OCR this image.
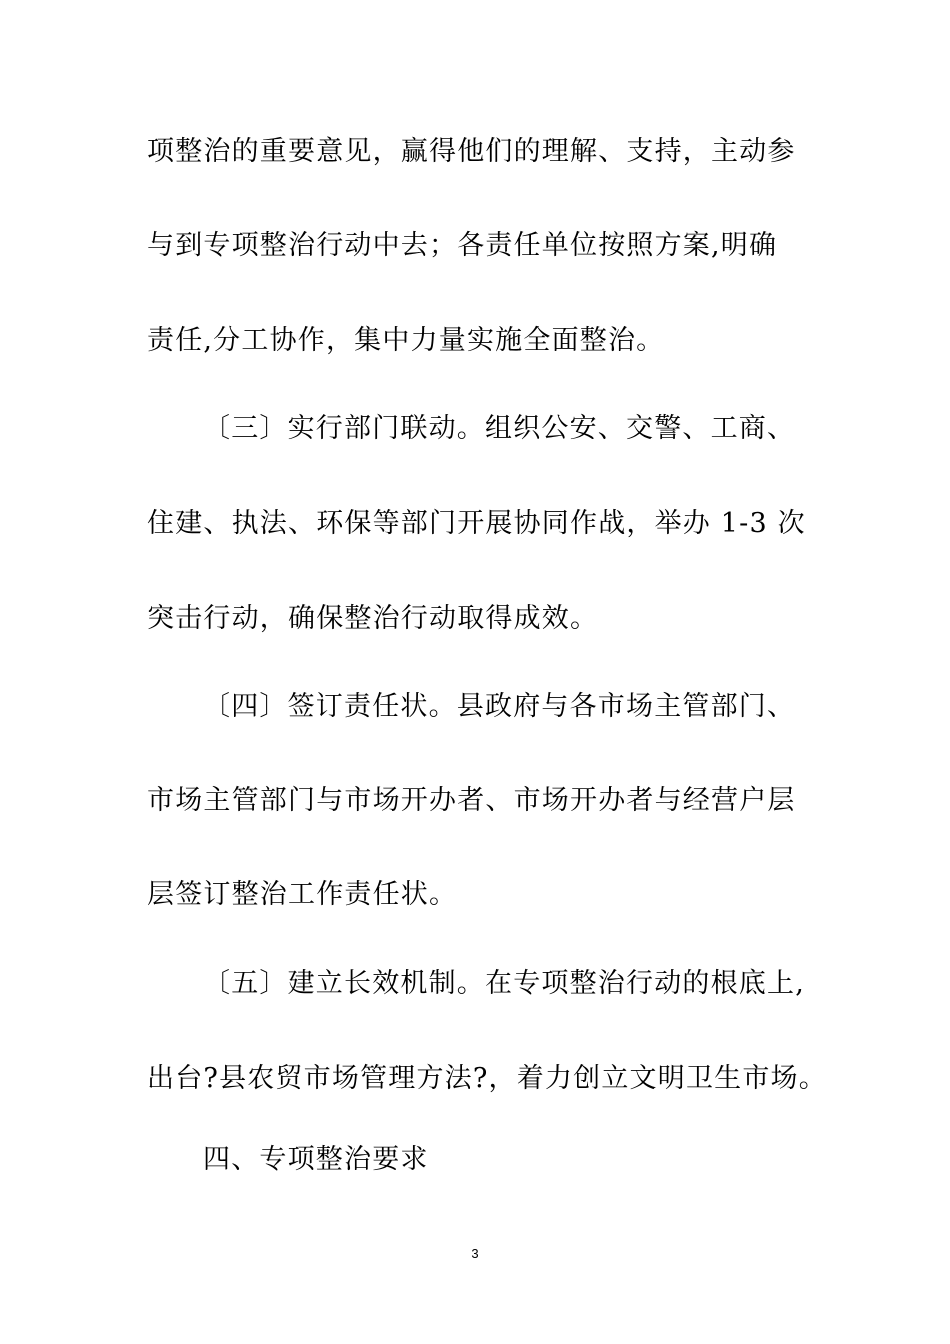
项整治的重要意见，赢得他们的理解、支持，主动参
与到专项整治行动中去；各责任单位按照方案,明确
责任,分工协作，集中力量实施全面整治。
〔三〕实行部门联动。组织公安、交警、工商、
住建、执法、环保等部门开展协同作战，举办 1-3 次
突击行动，确保整治行动取得成效。
〔四〕签订责任状。县政府与各市场主管部门、
市场主管部门与市场开办者、市场开办者与经营户层
层签订整治工作责任状。
〔五〕建立长效机制。在专项整治行动的根底上,
出台?县农贸市场管理方法?，着力创立文明卫生市场。
四、专项整治要求
3
